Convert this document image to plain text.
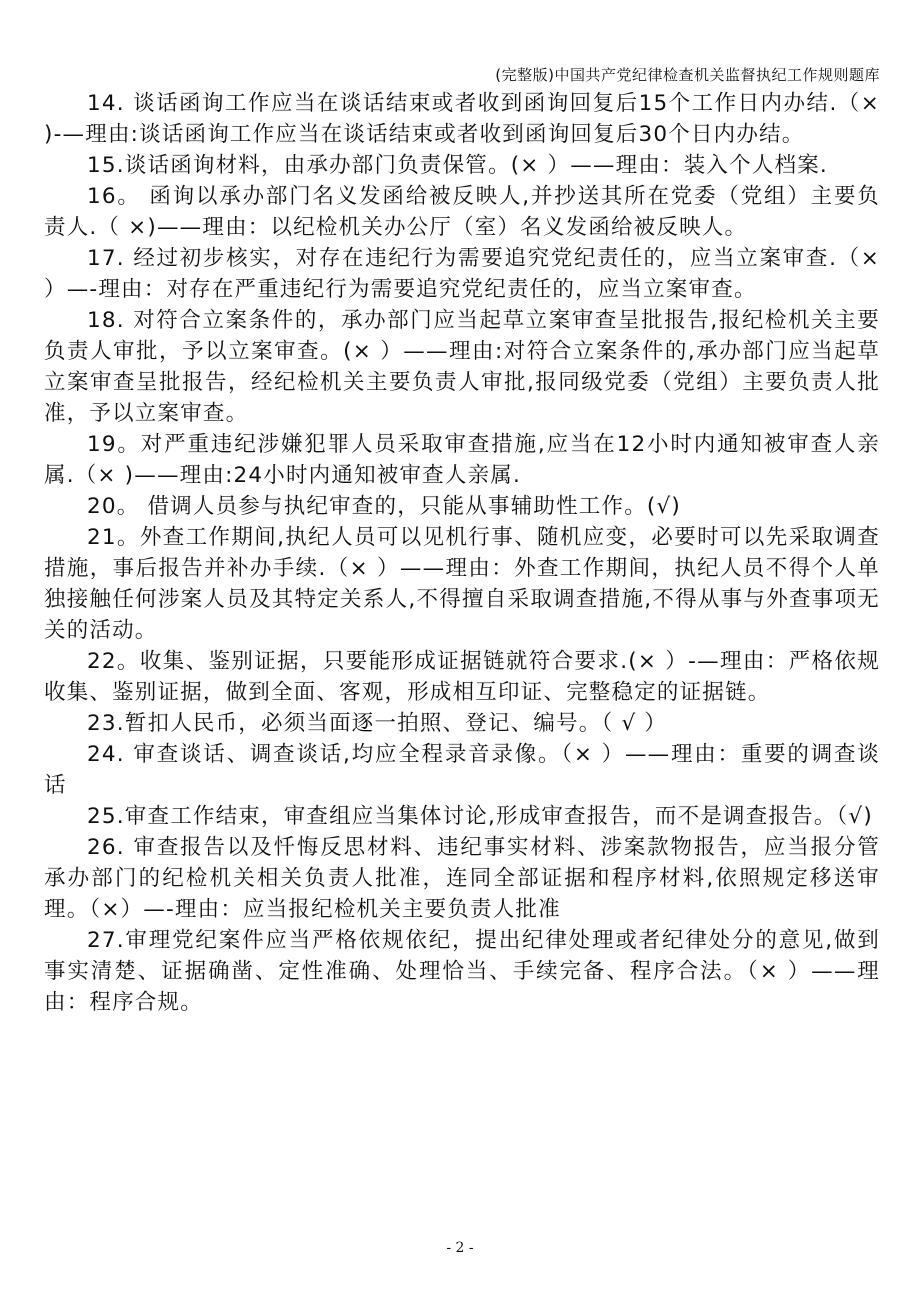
(完整版)中国共产党纪律检查机关监督执纪工作规则题库

14. 谈话函询工作应当在谈话结束或者收到函询回复后15个工作日内办结.（× )-—理由:谈话函询工作应当在谈话结束或者收到函询回复后30个日内办结。

15.谈话函询材料，由承办部门负责保管。(× ）——理由：装入个人档案.

16。 函询以承办部门名义发函给被反映人,并抄送其所在党委（党组）主要负责人.（ ×)——理由：以纪检机关办公厅（室）名义发函给被反映人。

17. 经过初步核实，对存在违纪行为需要追究党纪责任的，应当立案审查.（× ）—-理由：对存在严重违纪行为需要追究党纪责任的，应当立案审查。

18. 对符合立案条件的，承办部门应当起草立案审查呈批报告,报纪检机关主要负责人审批，予以立案审查。(× ）——理由:对符合立案条件的,承办部门应当起草立案审查呈批报告，经纪检机关主要负责人审批,报同级党委（党组）主要负责人批准，予以立案审查。

19。对严重违纪涉嫌犯罪人员采取审查措施,应当在12小时内通知被审查人亲属.（× )——理由:24小时内通知被审查人亲属.

20。 借调人员参与执纪审查的，只能从事辅助性工作。(√)

21。外查工作期间,执纪人员可以见机行事、随机应变，必要时可以先采取调查措施，事后报告并补办手续.（× ）——理由：外查工作期间，执纪人员不得个人单独接触任何涉案人员及其特定关系人,不得擅自采取调查措施,不得从事与外查事项无关的活动。

22。收集、鉴别证据，只要能形成证据链就符合要求.(× ）-—理由：严格依规收集、鉴别证据，做到全面、客观，形成相互印证、完整稳定的证据链。

23.暂扣人民币，必须当面逐一拍照、登记、编号。（ √ ）

24. 审查谈话、调查谈话,均应全程录音录像。（× ）——理由：重要的调查谈话

25.审查工作结束，审查组应当集体讨论,形成审查报告，而不是调查报告。（√)

26. 审查报告以及忏悔反思材料、违纪事实材料、涉案款物报告，应当报分管承办部门的纪检机关相关负责人批准，连同全部证据和程序材料,依照规定移送审理。（×）—-理由：应当报纪检机关主要负责人批准

27.审理党纪案件应当严格依规依纪，提出纪律处理或者纪律处分的意见,做到事实清楚、证据确凿、定性准确、处理恰当、手续完备、程序合法。（× ）——理由：程序合规。

- 2 -
